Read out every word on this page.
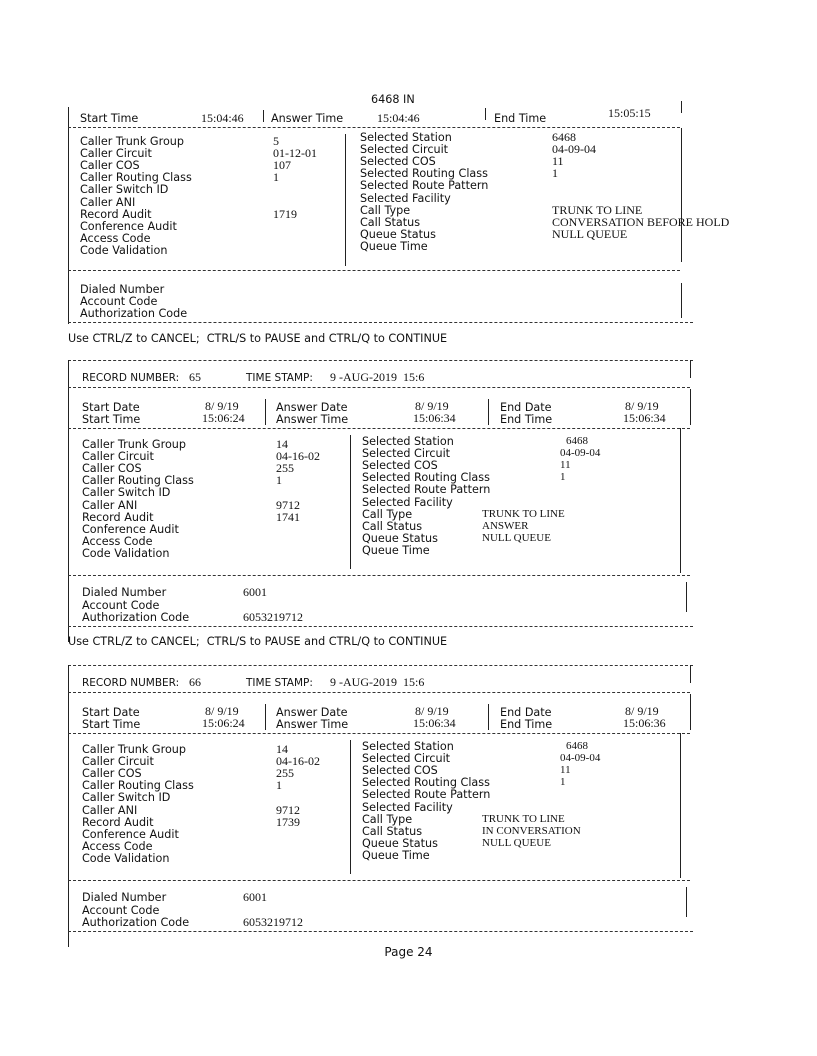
6468 IN
Start Time	15:04:46 Answer Time	15:04:46	End Time	15:05:15
Use CTRL/Z to CANCEL;  CTRL/S to PAUSE and CTRL/Q to CONTINUE
Page 24
Caller Trunk Group	5
Caller Circuit	01-12-01
Caller COS	107
Caller Routing Class	1
Caller Switch ID
Caller ANI
Record Audit	1719
Conference Audit
Access Code
Code Validation
Selected Station	6468
Selected Circuit	04-09-04
Selected COS	11
Selected Routing Class	1
Selected Route Pattern
Selected Facility
Call Type	TRUNK TO LINE
Call Status	CONVERSATION BEFORE HOLD
Queue Status	NULL QUEUE
Queue Time
Dialed Number
Account Code
Authorization Code
RECORD NUMBER: 65	TIME STAMP: 9 -AUG-2019  15:6
Start Date	8/ 9/19
Start Time	15:06:24
Answer Date	8/ 9/19
Answer Time	15:06:34
End Date	8/ 9/19
End Time	15:06:34
Caller Trunk Group	14
Caller Circuit	04-16-02
Caller COS	255
Caller Routing Class	1
Caller Switch ID
Caller ANI	9712
Record Audit	1741
Conference Audit
Access Code
Code Validation
Selected Station	6468
Selected Circuit	04-09-04
Selected COS	11
Selected Routing Class	1
Selected Route Pattern
Selected Facility
Call Type	TRUNK TO LINE
Call Status	ANSWER
Queue Status	NULL QUEUE
Queue Time
Dialed Number	6001
Account Code
Authorization Code	6053219712
Use CTRL/Z to CANCEL;  CTRL/S to PAUSE and CTRL/Q to CONTINUE
RECORD NUMBER: 66	TIME STAMP: 9 -AUG-2019  15:6
Start Date	8/ 9/19
Start Time	15:06:24
Answer Date	8/ 9/19
Answer Time	15:06:34
End Date	8/ 9/19
End Time	15:06:36
Caller Trunk Group	14
Caller Circuit	04-16-02
Caller COS	255
Caller Routing Class	1
Caller Switch ID
Caller ANI	9712
Record Audit	1739
Conference Audit
Access Code
Code Validation
Selected Station	6468
Selected Circuit	04-09-04
Selected COS	11
Selected Routing Class	1
Selected Route Pattern
Selected Facility
Call Type	TRUNK TO LINE
Call Status	IN CONVERSATION
Queue Status	NULL QUEUE
Queue Time
Dialed Number	6001
Account Code
Authorization Code	6053219712
